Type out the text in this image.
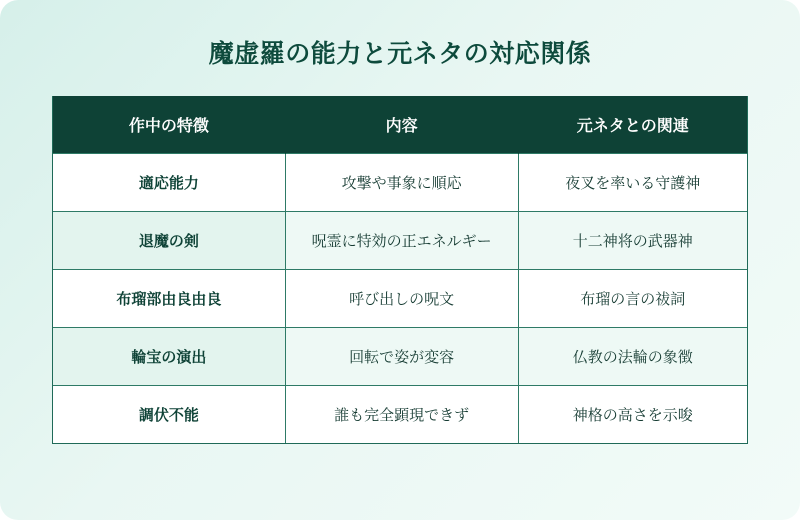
魔虚羅の能力と元ネタの対応関係
作中の特徴	内容	元ネタとの関連
適応能力	攻撃や事象に順応	夜叉を率いる守護神
退魔の剣	呪霊に特効の正エネルギー	十二神将の武器神
布瑠部由良由良	呼び出しの呪文	布瑠の言の祓詞
輪宝の演出	回転で姿が変容	仏教の法輪の象徴
調伏不能	誰も完全顕現できず	神格の高さを示唆
